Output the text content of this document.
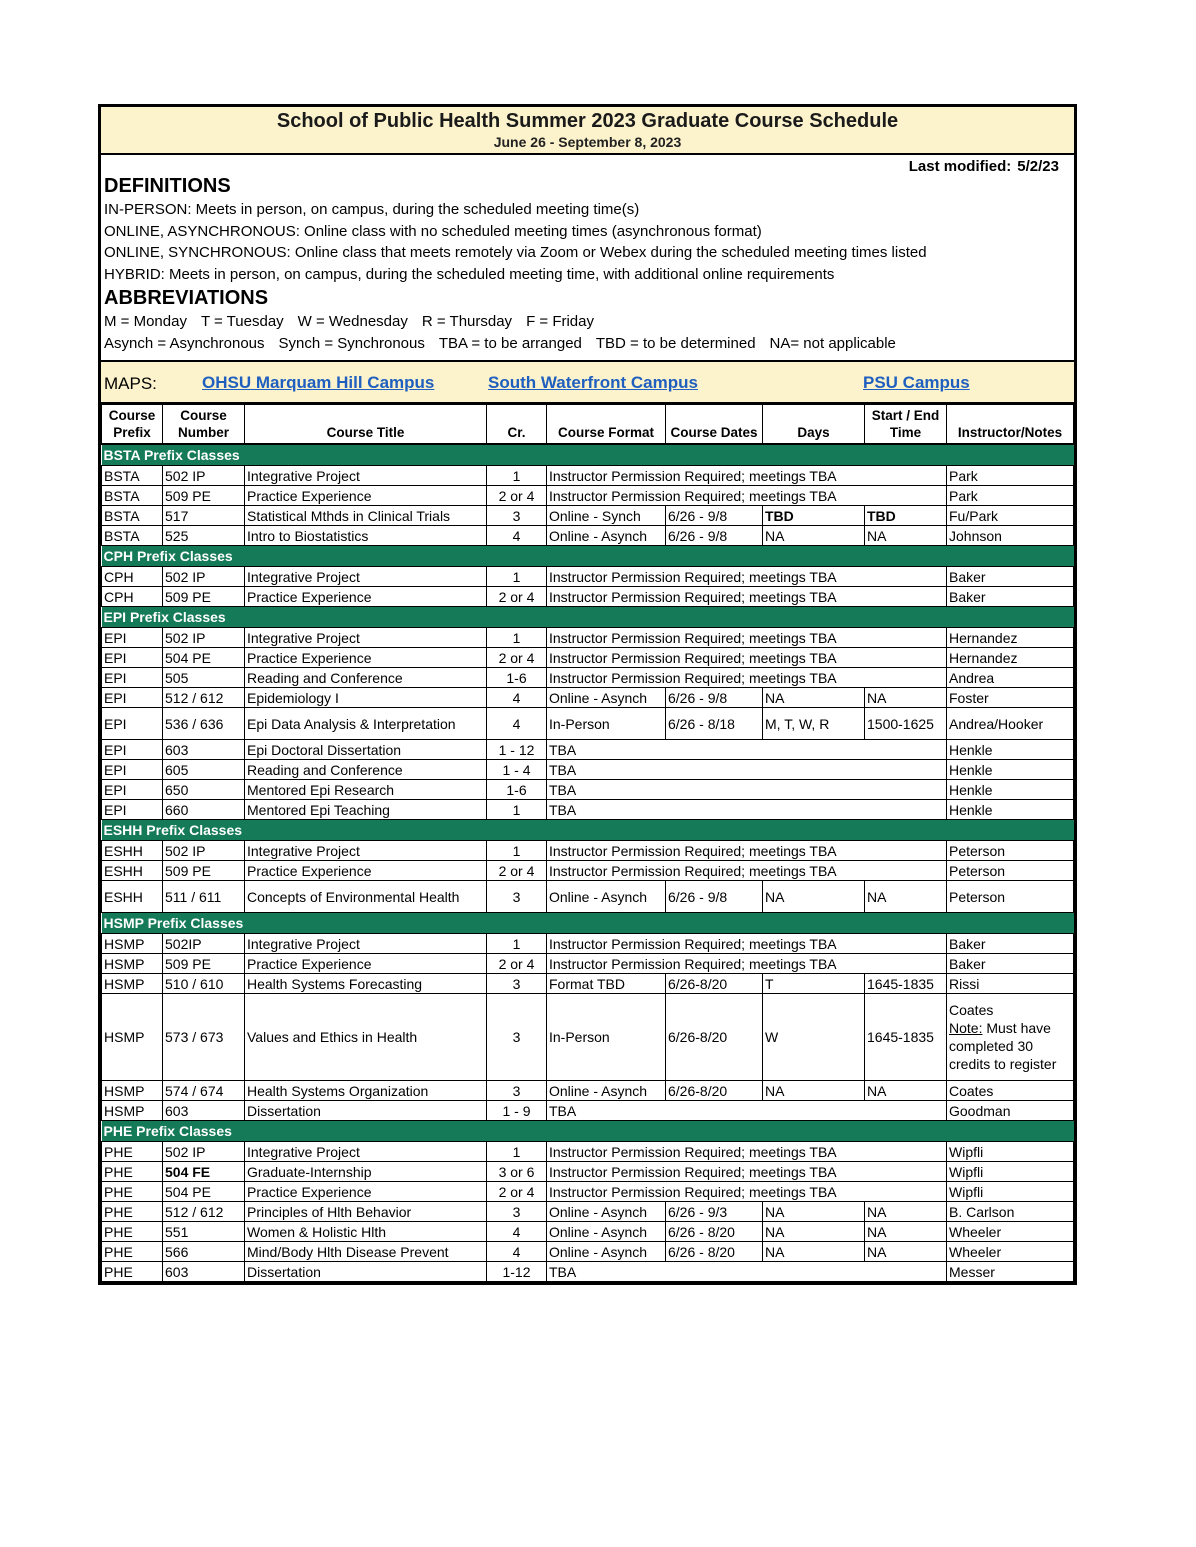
School of Public Health Summer 2023 Graduate Course Schedule
June 26 - September 8, 2023
Last modified: 5/2/23
DEFINITIONS
IN-PERSON: Meets in person, on campus, during the scheduled meeting time(s)
ONLINE, ASYNCHRONOUS: Online class with no scheduled meeting times (asynchronous format)
ONLINE, SYNCHRONOUS: Online class that meets remotely via Zoom or Webex during the scheduled meeting times listed
HYBRID: Meets in person, on campus, during the scheduled meeting time, with additional online requirements
ABBREVIATIONS
M = Monday T = Tuesday W = Wednesday R = Thursday F = Friday
Asynch = Asynchronous Synch = Synchronous TBA = to be arranged TBD = to be determined NA= not applicable
MAPS:	OHSU Marquam Hill Campus	South Waterfront Campus	PSU Campus
Course Prefix	Course Number	Course Title	Cr.	Course Format	Course Dates	Days	Start / End Time	Instructor/Notes
BSTA Prefix Classes								
BSTA	502 IP	Integrative Project	1	Instructor Permission Required; meetings TBA				Park
BSTA	509 PE	Practice Experience	2 or 4	Instructor Permission Required; meetings TBA				Park
BSTA	517	Statistical Mthds in Clinical Trials	3	Online - Synch	6/26 - 9/8	TBD	TBD	Fu/Park
BSTA	525	Intro to Biostatistics	4	Online - Asynch	6/26 - 9/8	NA	NA	Johnson
CPH Prefix Classes								
CPH	502 IP	Integrative Project	1	Instructor Permission Required; meetings TBA				Baker
CPH	509 PE	Practice Experience	2 or 4	Instructor Permission Required; meetings TBA				Baker
EPI Prefix Classes								
EPI	502 IP	Integrative Project	1	Instructor Permission Required; meetings TBA				Hernandez
EPI	504 PE	Practice Experience	2 or 4	Instructor Permission Required; meetings TBA				Hernandez
EPI	505	Reading and Conference	1-6	Instructor Permission Required; meetings TBA				Andrea
EPI	512 / 612	Epidemiology I	4	Online - Asynch	6/26 - 9/8	NA	NA	Foster
EPI	536 / 636	Epi Data Analysis & Interpretation	4	In-Person	6/26 - 8/18	M, T, W, R	1500-1625	Andrea/Hooker
EPI	603	Epi Doctoral Dissertation	1 - 12	TBA				Henkle
EPI	605	Reading and Conference	1 - 4	TBA				Henkle
EPI	650	Mentored Epi Research	1-6	TBA				Henkle
EPI	660	Mentored Epi Teaching	1	TBA				Henkle
ESHH Prefix Classes								
ESHH	502 IP	Integrative Project	1	Instructor Permission Required; meetings TBA				Peterson
ESHH	509 PE	Practice Experience	2 or 4	Instructor Permission Required; meetings TBA				Peterson
ESHH	511 / 611	Concepts of Environmental Health	3	Online - Asynch	6/26 - 9/8	NA	NA	Peterson
HSMP Prefix Classes								
HSMP	502IP	Integrative Project	1	Instructor Permission Required; meetings TBA				Baker
HSMP	509 PE	Practice Experience	2 or 4	Instructor Permission Required; meetings TBA				Baker
HSMP	510 / 610	Health Systems Forecasting	3	Format TBD	6/26-8/20	T	1645-1835	Rissi
HSMP	573 / 673	Values and Ethics in Health	3	In-Person	6/26-8/20	W	1645-1835	Coates
Note: Must have completed 30 credits to register

HSMP	574 / 674	Health Systems Organization	3	Online - Asynch	6/26-8/20	NA	NA	Coates
HSMP	603	Dissertation	1 - 9	TBA				Goodman
PHE Prefix Classes								
PHE	502 IP	Integrative Project	1	Instructor Permission Required; meetings TBA				Wipfli
PHE	504 FE	Graduate-Internship	3 or 6	Instructor Permission Required; meetings TBA				Wipfli
PHE	504 PE	Practice Experience	2 or 4	Instructor Permission Required; meetings TBA				Wipfli
PHE	512 / 612	Principles of Hlth Behavior	3	Online - Asynch	6/26 - 9/3	NA	NA	B. Carlson
PHE	551	Women & Holistic Hlth	4	Online - Asynch	6/26 - 8/20	NA	NA	Wheeler
PHE	566	Mind/Body Hlth Disease Prevent	4	Online - Asynch	6/26 - 8/20	NA	NA	Wheeler
PHE	603	Dissertation	1-12	TBA				Messer
